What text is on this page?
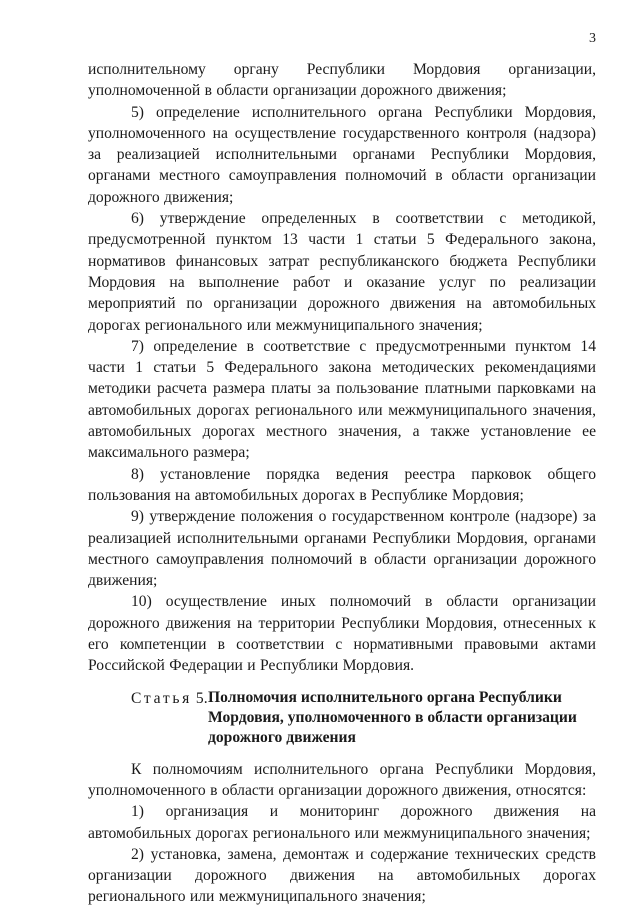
3

исполнительному органу Республики Мордовия организации, уполномоченной в области организации дорожного движения;

5) определение исполнительного органа Республики Мордовия, уполномоченного на осуществление государственного контроля (надзора) за реализацией исполнительными органами Республики Мордовия, органами местного самоуправления полномочий в области организации дорожного движения;

6) утверждение определенных в соответствии с методикой, предусмотренной пунктом 13 части 1 статьи 5 Федерального закона, нормативов финансовых затрат республиканского бюджета Республики Мордовия на выполнение работ и оказание услуг по реализации мероприятий по организации дорожного движения на автомобильных дорогах регионального или межмуниципального значения;

7) определение в соответствие с предусмотренными пунктом 14 части 1 статьи 5 Федерального закона методических рекомендациями методики расчета размера платы за пользование платными парковками на автомобильных дорогах регионального или межмуниципального значения, автомобильных дорогах местного значения, а также установление ее максимального размера;

8) установление порядка ведения реестра парковок общего пользования на автомобильных дорогах в Республике Мордовия;

9) утверждение положения о государственном контроле (надзоре) за реализацией исполнительными органами Республики Мордовия, органами местного самоуправления полномочий в области организации дорожного движения;

10) осуществление иных полномочий в области организации дорожного движения на территории Республики Мордовия, отнесенных к его компетенции в соответствии с нормативными правовыми актами Российской Федерации и Республики Мордовия.

Статья 5. Полномочия исполнительного органа Республики Мордовия, уполномоченного в области организации дорожного движения

К полномочиям исполнительного органа Республики Мордовия, уполномоченного в области организации дорожного движения, относятся:

1) организация и мониторинг дорожного движения на автомобильных дорогах регионального или межмуниципального значения;

2) установка, замена, демонтаж и содержание технических средств организации дорожного движения на автомобильных дорогах регионального или межмуниципального значения;
